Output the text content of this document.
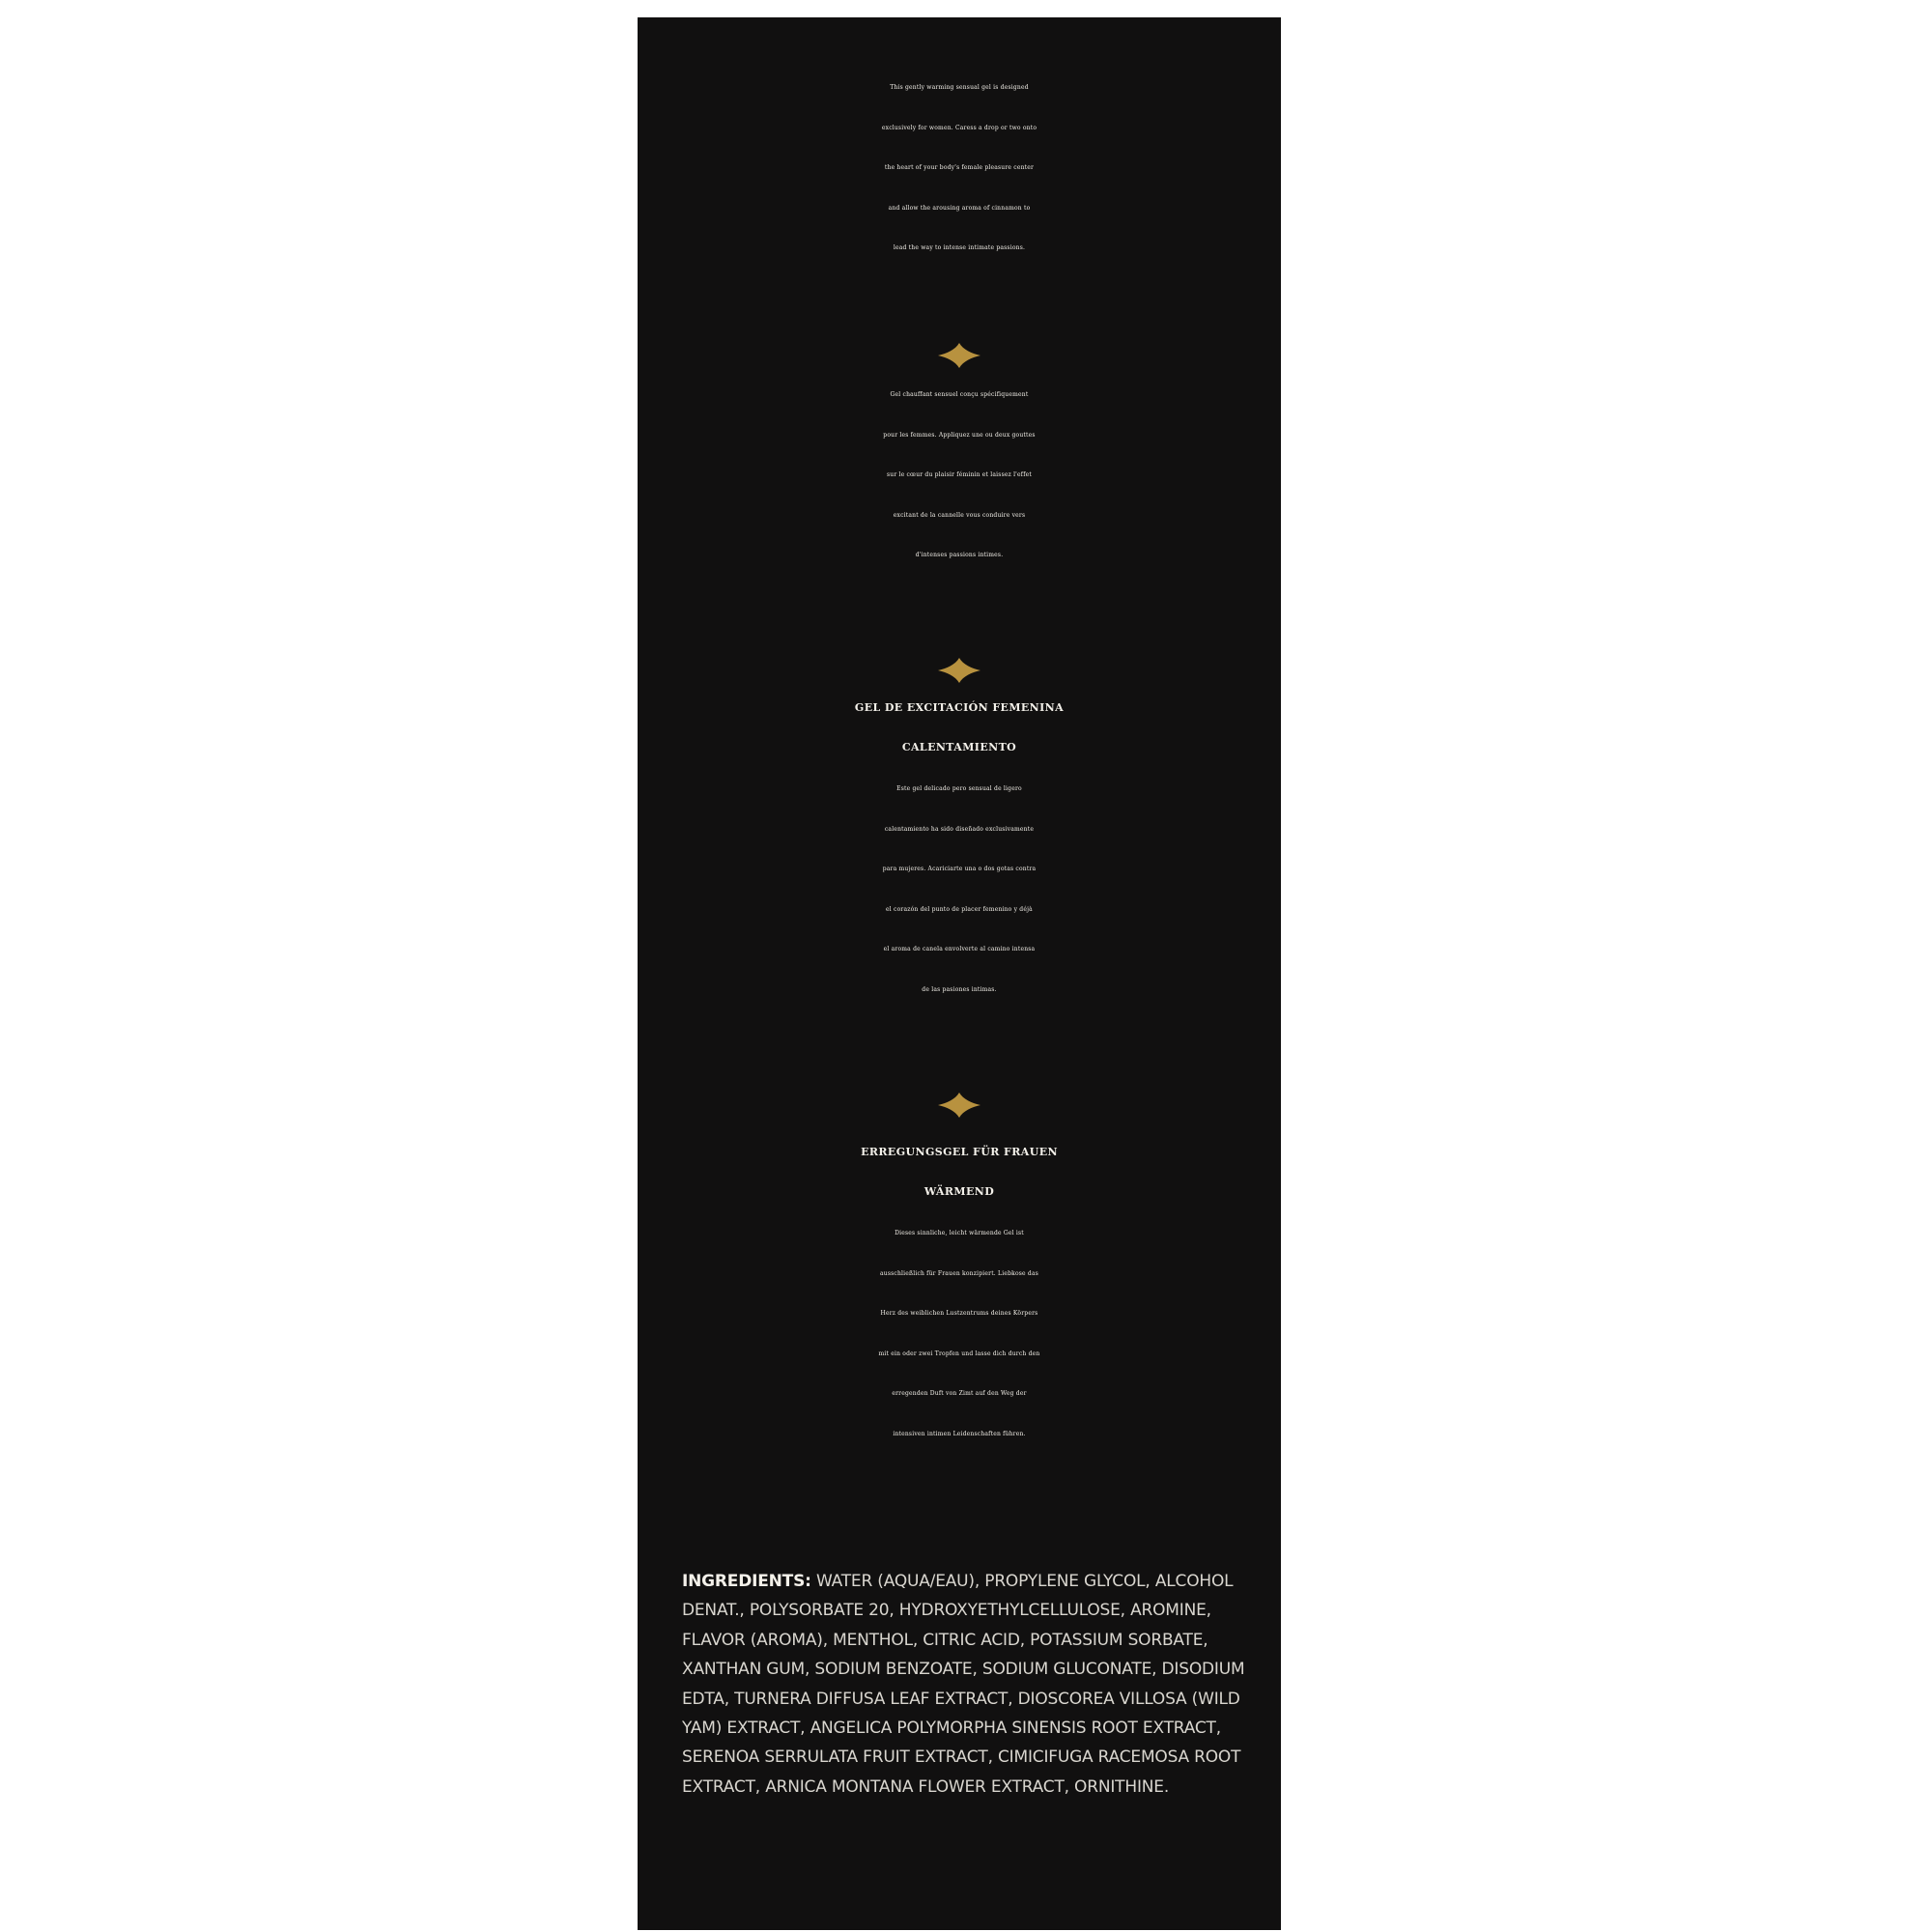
This gently warming sensual gel is designed
exclusively for women. Caress a drop or two onto
the heart of your body's female pleasure center
and allow the arousing aroma of cinnamon to
lead the way to intense intimate passions.
Gel chauffant sensuel conçu spécifiquement
pour les femmes. Appliquez une ou deux gouttes
sur le cœur du plaisir féminin et laissez l'effet
excitant de la cannelle vous conduire vers
d'intenses passions intimes.
GEL DE EXCITACIÓN FEMENINA
CALENTAMIENTO
Este gel delicado pero sensual de ligero
calentamiento ha sido diseñado exclusivamente
para mujeres. Acariciarte una o dos gotas contra
el corazón del punto de placer femenino y déjà
el aroma de canela envolverte al camino intensa
de las pasiones intimas.
ERREGUNGSGEL FÜR FRAUEN
WÄRMEND
Dieses sinnliche, leicht wärmende Gel ist
ausschließlich für Frauen konzipiert. Liebkose das
Herz des weiblichen Lustzentrums deines Körpers
mit ein oder zwei Tropfen und lasse dich durch den
erregenden Duft von Zimt auf den Weg der
intensiven intimen Leidenschaften führen.
INGREDIENTS: WATER (AQUA/EAU), PROPYLENE GLYCOL, ALCOHOL
DENAT., POLYSORBATE 20, HYDROXYETHYLCELLULOSE, AROMINE,
FLAVOR (AROMA), MENTHOL, CITRIC ACID, POTASSIUM SORBATE,
XANTHAN GUM, SODIUM BENZOATE, SODIUM GLUCONATE, DISODIUM
EDTA, TURNERA DIFFUSA LEAF EXTRACT, DIOSCOREA VILLOSA (WILD
YAM) EXTRACT, ANGELICA POLYMORPHA SINENSIS ROOT EXTRACT,
SERENOA SERRULATA FRUIT EXTRACT, CIMICIFUGA RACEMOSA ROOT
EXTRACT, ARNICA MONTANA FLOWER EXTRACT, ORNITHINE.
